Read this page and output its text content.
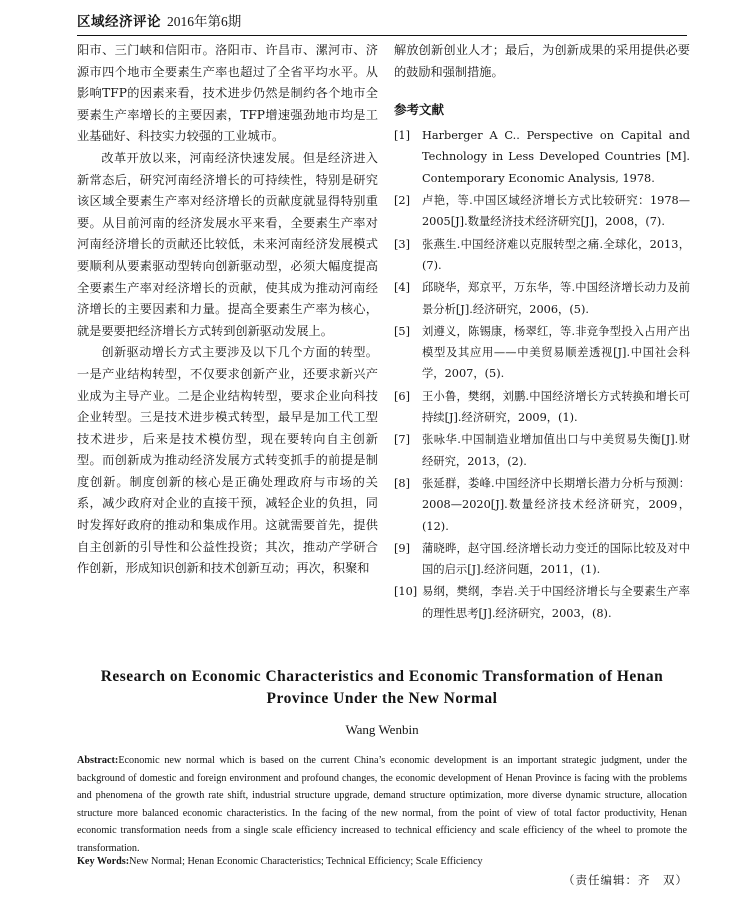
区域经济评论 2016年第6期

阳市、三门峡和信阳市。洛阳市、许昌市、漯河市、济源市四个地市全要素生产率也超过了全省平均水平。从影响TFP的因素来看，技术进步仍然是制约各个地市全要素生产率增长的主要因素，TFP增速强劲地市均是工业基础好、科技实力较强的工业城市。

改革开放以来，河南经济快速发展。但是经济进入新常态后，研究河南经济增长的可持续性，特别是研究该区域全要素生产率对经济增长的贡献度就显得特别重要。从目前河南的经济发展水平来看，全要素生产率对河南经济增长的贡献还比较低，未来河南经济发展模式要顺利从要素驱动型转向创新驱动型，必须大幅度提高全要素生产率对经济增长的贡献，使其成为推动河南经济增长的主要因素和力量。提高全要素生产率为核心，就是要要把经济增长方式转到创新驱动发展上。

创新驱动增长方式主要涉及以下几个方面的转型。一是产业结构转型，不仅要求创新产业，还要求新兴产业成为主导产业。二是企业结构转型，要求企业向科技企业转型。三是技术进步模式转型，最早是加工代工型技术进步，后来是技术模仿型，现在要转向自主创新型。而创新成为推动经济发展方式转变抓手的前提是制度创新。制度创新的核心是正确处理政府与市场的关系，减少政府对企业的直接干预，减轻企业的负担，同时发挥好政府的推动和集成作用。这就需要首先，提供自主创新的引导性和公益性投资；其次，推动产学研合作创新，形成知识创新和技术创新互动；再次，积聚和

解放创新创业人才；最后，为创新成果的采用提供必要的鼓励和强制措施。

参考文献
[1]	Harberger A C.. Perspective on Capital and Technology in Less Developed Countries [M]. Contemporary Economic Analysis, 1978.
[2]	卢艳，等.中国区域经济增长方式比较研究：1978—2005[J].数量经济技术经济研究[J]，2008，(7).
[3]	张燕生.中国经济难以克服转型之痛.全球化，2013，(7).
[4]	邱晓华，郑京平，万东华，等.中国经济增长动力及前景分析[J].经济研究，2006，(5).
[5]	刘遵义，陈锡康，杨翠红，等.非竞争型投入占用产出模型及其应用——中美贸易顺差透视[J].中国社会科学，2007，(5).
[6]	王小鲁，樊纲，刘鹏.中国经济增长方式转换和增长可持续[J].经济研究，2009，(1).
[7]	张咏华.中国制造业增加值出口与中美贸易失衡[J].财经研究，2013，(2).
[8]	张延群，娄峰.中国经济中长期增长潜力分析与预测：2008—2020[J].数量经济技术经济研究，2009，(12).
[9]	蒲晓晔，赵守国.经济增长动力变迁的国际比较及对中国的启示[J].经济问题，2011，(1).
[10] 易纲，樊纲，李岩.关于中国经济增长与全要素生产率的理性思考[J].经济研究，2003，(8).
Research on Economic Characteristics and Economic Transformation of Henan
Province Under the New Normal
Wang Wenbin
Abstract:Economic new normal which is based on the current China’s economic development is an important strategic judgment, under the background of domestic and foreign environment and profound changes, the economic development of Henan Province is facing with the problems and phenomena of the growth rate shift, industrial structure upgrade, demand structure optimization, more diverse dynamic structure, allocation structure more balanced economic characteristics. In the facing of the new normal, from the point of view of total factor productivity, Henan economic transformation needs from a single scale efficiency increased to technical efficiency and scale efficiency of the wheel to promote the transformation.
Key Words:New Normal; Henan Economic Characteristics; Technical Efficiency; Scale Efficiency
（责任编辑：齐　双）
